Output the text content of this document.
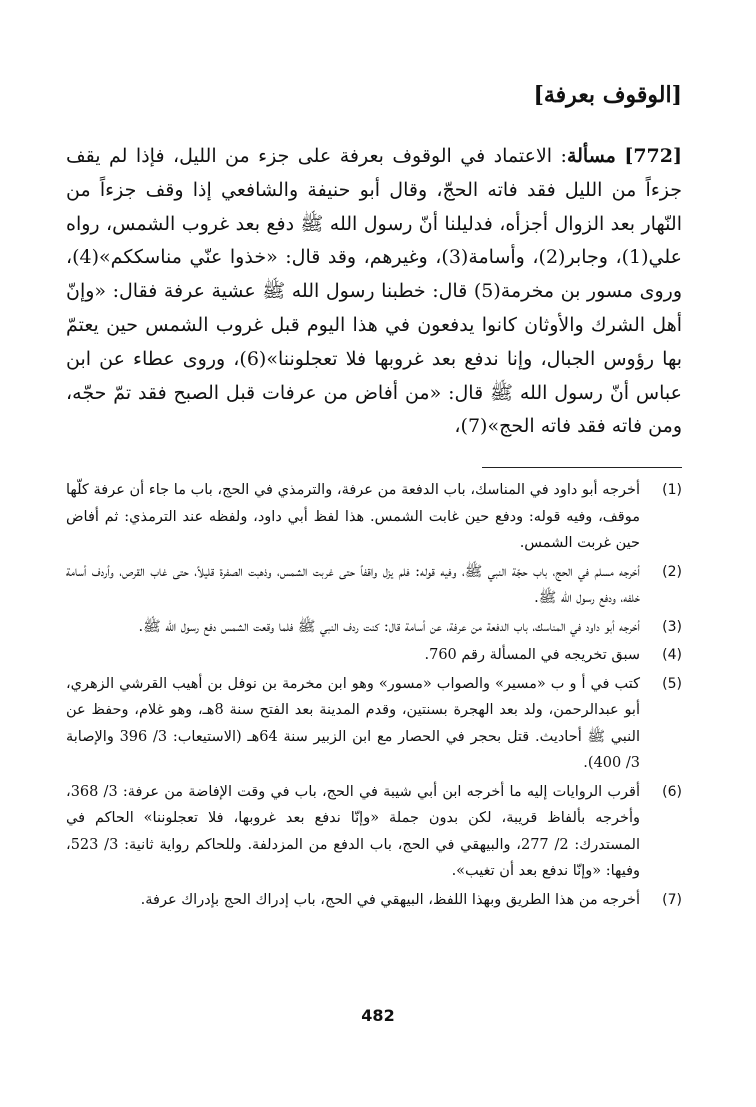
[الوقوف بعرفة]

[772] مسألة: الاعتماد في الوقوف بعرفة على جزء من الليل، فإذا لم يقف جزءاً من الليل فقد فاته الحجّ، وقال أبو حنيفة والشافعي إذا وقف جزءاً من النّهار بعد الزوال أجزأه، فدليلنا أنّ رسول الله ﷺ دفع بعد غروب الشمس، رواه علي(1)، وجابر(2)، وأسامة(3)، وغيرهم، وقد قال: «خذوا عنّي مناسككم»(4)، وروى مسور بن مخرمة(5) قال: خطبنا رسول الله ﷺ عشية عرفة فقال: «وإنّ أهل الشرك والأوثان كانوا يدفعون في هذا اليوم قبل غروب الشمس حين يعتمّ بها رؤوس الجبال، وإنا ندفع بعد غروبها فلا تعجلوننا»(6)، وروى عطاء عن ابن عباس أنّ رسول الله ﷺ قال: «من أفاض من عرفات قبل الصبح فقد تمّ حجّه، ومن فاته فقد فاته الحج»(7)،

(1)
أخرجه أبو داود في المناسك، باب الدفعة من عرفة، والترمذي في الحج، باب ما جاء أن عرفة كلّها موقف، وفيه قوله: ودفع حين غابت الشمس. هذا لفظ أبي داود، ولفظه عند الترمذي: ثم أفاض حين غربت الشمس.
(2)
أخرجه مسلم في الحج، باب حجّة النبي ﷺ، وفيه قوله: فلم يزل واقفاً حتى غربت الشمس، وذهبت الصفرة قليلاً، حتى غاب القرص، وأردف أسامة خلفه، ودفع رسول الله ﷺ.
(3)
أخرجه أبو داود في المناسك، باب الدفعة من عرفة، عن أسامة قال: كنت ردف النبي ﷺ فلما وقعت الشمس دفع رسول الله ﷺ.
(4)
سبق تخريجه في المسألة رقم 760.
(5)
كتب في أ و ب «مسير» والصواب «مسور» وهو ابن مخرمة بن نوفل بن أهيب القرشي الزهري، أبو عبدالرحمن، ولد بعد الهجرة بسنتين، وقدم المدينة بعد الفتح سنة 8هـ، وهو غلام، وحفظ عن النبي ﷺ أحاديث. قتل بحجر في الحصار مع ابن الزبير سنة 64هـ (الاستيعاب: 3/ 396 والإصابة 3/ 400).
(6)
أقرب الروايات إليه ما أخرجه ابن أبي شيبة في الحج، باب في وقت الإفاضة من عرفة: 3/ 368، وأخرجه بألفاظ قريبة، لكن بدون جملة «وإنّا ندفع بعد غروبها، فلا تعجلوننا» الحاكم في المستدرك: 2/ 277، والبيهقي في الحج، باب الدفع من المزدلفة. وللحاكم رواية ثانية: 3/ 523، وفيها: «وإنّا ندفع بعد أن تغيب».
(7)
أخرجه من هذا الطريق وبهذا اللفظ، البيهقي في الحج، باب إدراك الحج بإدراك عرفة.
482
